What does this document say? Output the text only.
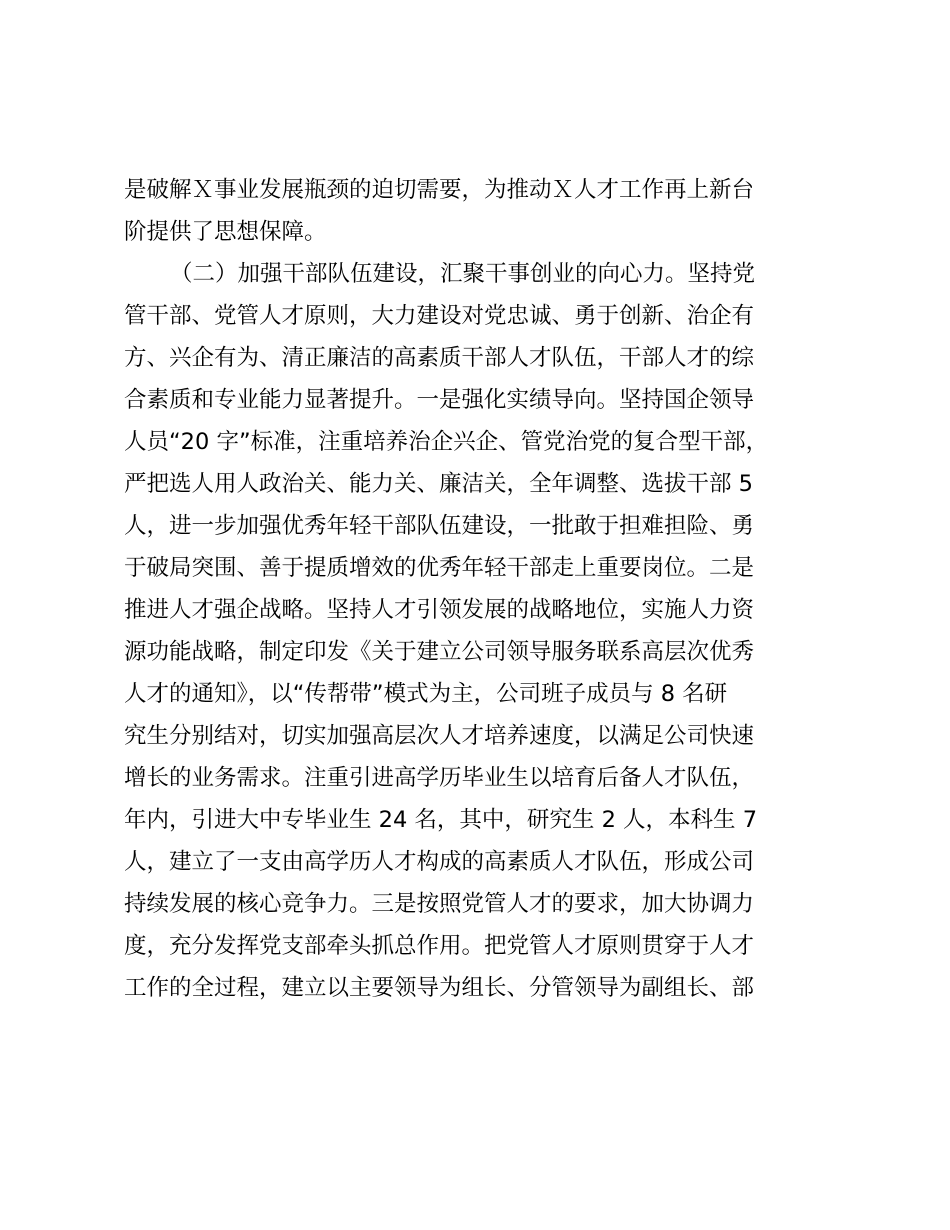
是破解Ｘ事业发展瓶颈的迫切需要，为推动Ｘ人才工作再上新台
阶提供了思想保障。
（二）加强干部队伍建设，汇聚干事创业的向心力。坚持党
管干部、党管人才原则，大力建设对党忠诚、勇于创新、治企有
方、兴企有为、清正廉洁的高素质干部人才队伍，干部人才的综
合素质和专业能力显著提升。一是强化实绩导向。坚持国企领导
人员“20 字”标准，注重培养治企兴企、管党治党的复合型干部，
严把选人用人政治关、能力关、廉洁关，全年调整、选拔干部 5
人，进一步加强优秀年轻干部队伍建设，一批敢于担难担险、勇
于破局突围、善于提质增效的优秀年轻干部走上重要岗位。二是
推进人才强企战略。坚持人才引领发展的战略地位，实施人力资
源功能战略，制定印发《关于建立公司领导服务联系高层次优秀
人才的通知》，以“传帮带”模式为主，公司班子成员与 8 名研
究生分别结对，切实加强高层次人才培养速度，以满足公司快速
增长的业务需求。注重引进高学历毕业生以培育后备人才队伍，
年内，引进大中专毕业生 24 名，其中，研究生 2 人，本科生 7
人，建立了一支由高学历人才构成的高素质人才队伍，形成公司
持续发展的核心竞争力。三是按照党管人才的要求，加大协调力
度，充分发挥党支部牵头抓总作用。把党管人才原则贯穿于人才
工作的全过程，建立以主要领导为组长、分管领导为副组长、部
